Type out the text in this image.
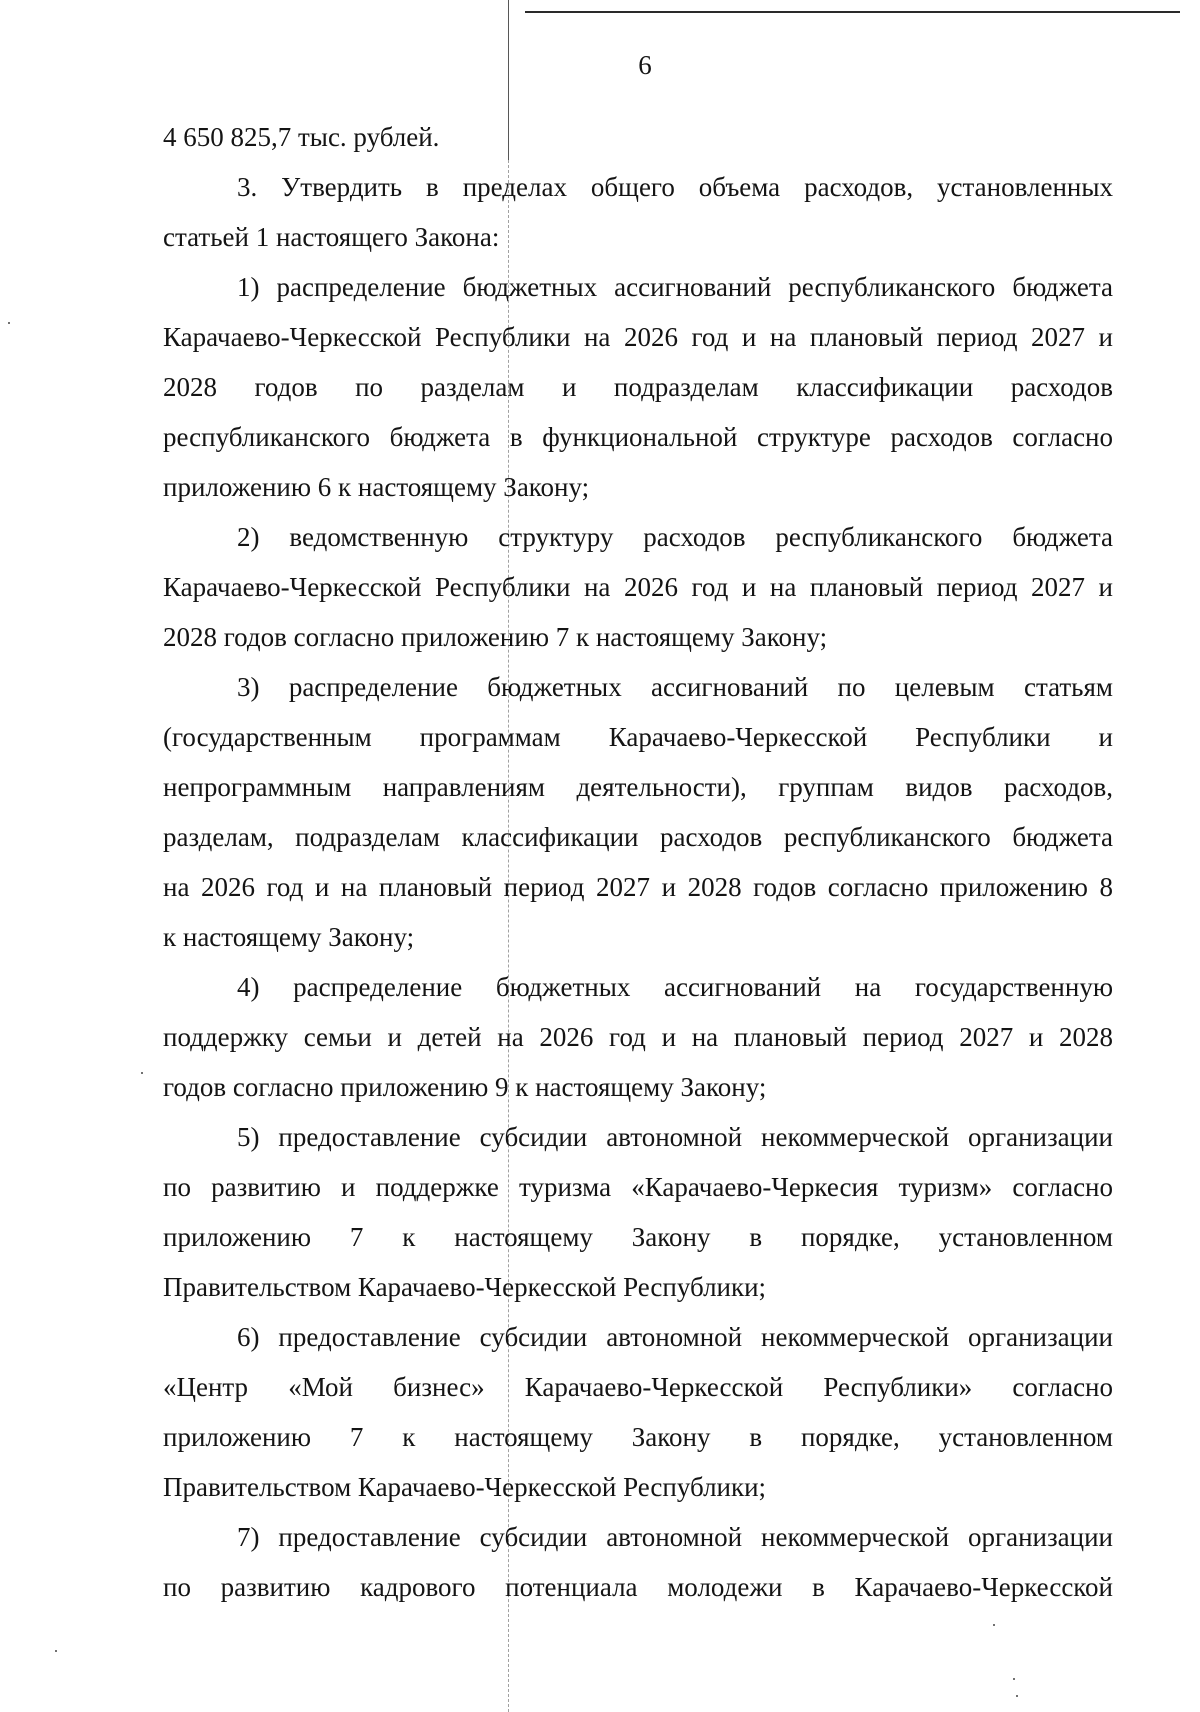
6
4 650 825,7 тыс. рублей.
3. Утвердить в пределах общего объема расходов, установленных
статьей 1 настоящего Закона:
1) распределение бюджетных ассигнований республиканского бюджета
Карачаево-Черкесской Республики на 2026 год и на плановый период 2027 и
2028 годов по разделам и подразделам классификации расходов
республиканского бюджета в функциональной структуре расходов согласно
приложению 6 к настоящему Закону;
2) ведомственную структуру расходов республиканского бюджета
Карачаево-Черкесской Республики на 2026 год и на плановый период 2027 и
2028 годов согласно приложению 7 к настоящему Закону;
3) распределение бюджетных ассигнований по целевым статьям
(государственным программам Карачаево-Черкесской Республики и
непрограммным направлениям деятельности), группам видов расходов,
разделам, подразделам классификации расходов республиканского бюджета
на 2026 год и на плановый период 2027 и 2028 годов согласно приложению 8
к настоящему Закону;
4) распределение бюджетных ассигнований на государственную
поддержку семьи и детей на 2026 год и на плановый период 2027 и 2028
годов согласно приложению 9 к настоящему Закону;
5) предоставление субсидии автономной некоммерческой организации
по развитию и поддержке туризма «Карачаево-Черкесия туризм» согласно
приложению 7 к настоящему Закону в порядке, установленном
Правительством Карачаево-Черкесской Республики;
6) предоставление субсидии автономной некоммерческой организации
«Центр «Мой бизнес» Карачаево-Черкесской Республики» согласно
приложению 7 к настоящему Закону в порядке, установленном
Правительством Карачаево-Черкесской Республики;
7) предоставление субсидии автономной некоммерческой организации
по развитию кадрового потенциала молодежи в Карачаево-Черкесской
